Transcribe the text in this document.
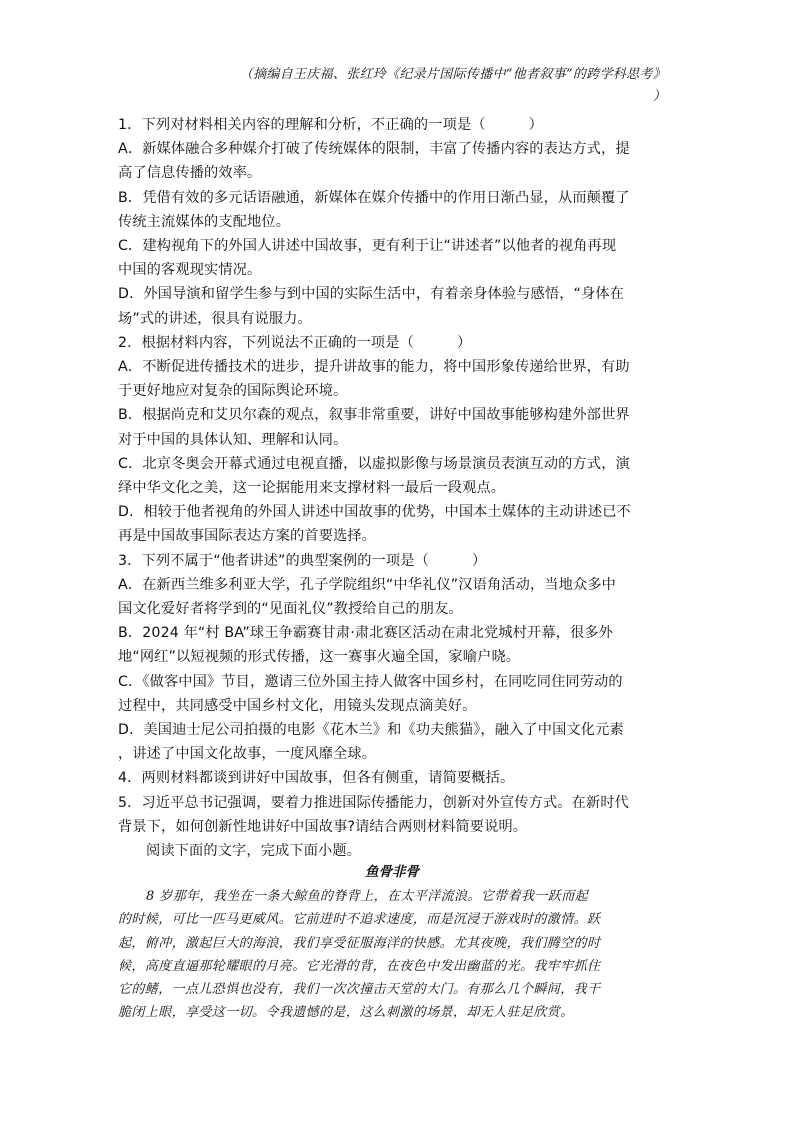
（摘编自王庆福、张红玲《纪录片国际传播中“他者叙事”的跨学科思考》
）
1．下列对材料相关内容的理解和分析，不正确的一项是（　　　）
A．新媒体融合多种媒介打破了传统媒体的限制，丰富了传播内容的表达方式，提
高了信息传播的效率。
B．凭借有效的多元话语融通，新媒体在媒介传播中的作用日渐凸显，从而颠覆了
传统主流媒体的支配地位。
C．建构视角下的外国人讲述中国故事，更有利于让“讲述者”以他者的视角再现
中国的客观现实情况。
D．外国导演和留学生参与到中国的实际生活中，有着亲身体验与感悟，“身体在
场”式的讲述，很具有说服力。
2．根据材料内容，下列说法不正确的一项是（　　　）
A．不断促进传播技术的进步，提升讲故事的能力，将中国形象传递给世界，有助
于更好地应对复杂的国际舆论环境。
B．根据尚克和艾贝尔森的观点，叙事非常重要，讲好中国故事能够构建外部世界
对于中国的具体认知、理解和认同。
C．北京冬奥会开幕式通过电视直播，以虚拟影像与场景演员表演互动的方式，演
绎中华文化之美，这一论据能用来支撑材料一最后一段观点。
D．相较于他者视角的外国人讲述中国故事的优势，中国本土媒体的主动讲述已不
再是中国故事国际表达方案的首要选择。
3．下列不属于“他者讲述”的典型案例的一项是（　　　）
A．在新西兰维多利亚大学，孔子学院组织“中华礼仪”汉语角活动，当地众多中
国文化爱好者将学到的“见面礼仪”教授给自己的朋友。
B．2024 年“村 BA”球王争霸赛甘肃·肃北赛区活动在肃北党城村开幕，很多外
地“网红”以短视频的形式传播，这一赛事火遍全国，家喻户晓。
C．《做客中国》节目，邀请三位外国主持人做客中国乡村，在同吃同住同劳动的
过程中，共同感受中国乡村文化，用镜头发现点滴美好。
D．美国迪士尼公司拍摄的电影《花木兰》和《功夫熊猫》，融入了中国文化元素
，讲述了中国文化故事，一度风靡全球。
4．两则材料都谈到讲好中国故事，但各有侧重，请简要概括。
5．习近平总书记强调，要着力推进国际传播能力，创新对外宣传方式。在新时代
背景下，如何创新性地讲好中国故事?请结合两则材料简要说明。
阅读下面的文字，完成下面小题。
鱼骨非骨
8 岁那年，我坐在一条大鲸鱼的脊背上，在太平洋流浪。它带着我一跃而起
的时候，可比一匹马更威风。它前进时不追求速度，而是沉浸于游戏时的激情。跃
起，俯冲，激起巨大的海浪，我们享受征服海洋的快感。尤其夜晚，我们腾空的时
候，高度直逼那轮耀眼的月亮。它光滑的背，在夜色中发出幽蓝的光。我牢牢抓住
它的鳍，一点儿恐惧也没有，我们一次次撞击天堂的大门。有那么几个瞬间，我干
脆闭上眼，享受这一切。令我遗憾的是，这么刺激的场景，却无人驻足欣赏。
